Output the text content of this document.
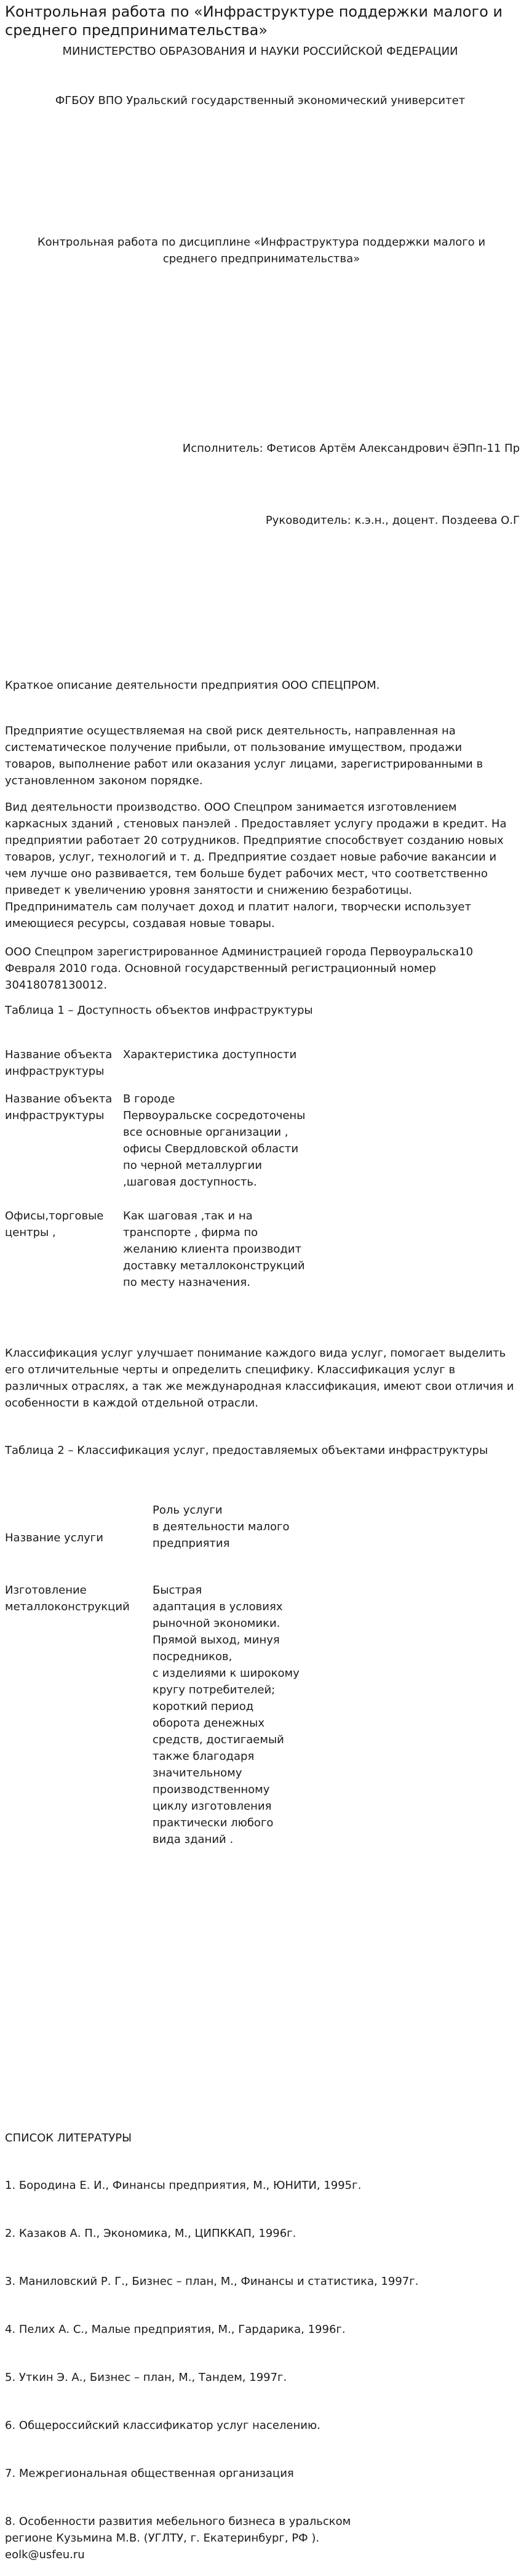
Контрольная работа по «Инфраструктуре поддержки малого и среднего предпринимательства»

МИНИСТЕРСТВО ОБРАЗОВАНИЯ И НАУКИ РОССИЙСКОЙ ФЕДЕРАЦИИ

ФГБОУ ВПО Уральский государственный экономический университет

Контрольная работа по дисциплине «Инфраструктура поддержки малого и среднего предпринимательства»

Исполнитель: Фетисов Артём Александрович ёЭПп-11 Пр

Руководитель: к.э.н., доцент. Поздеева О.Г

Краткое описание деятельности предприятия ООО СПЕЦПРОМ.

Предприятие осуществляемая на свой риск деятельность, направленная на систематическое получение прибыли, от пользование имуществом, продажи товаров, выполнение работ или оказания услуг лицами, зарегистрированными в установленном законом порядке.

Вид деятельности производство. ООО Спецпром занимается изготовлением каркасных зданий , стеновых панэлей . Предоставляет услугу продажи в кредит. На предприятии работает 20 сотрудников. Предприятие способствует созданию новых товаров, услуг, технологий и т. д. Предприятие создает новые рабочие вакансии и чем лучше оно развивается, тем больше будет рабочих мест, что соответственно приведет к увеличению уровня занятости и снижению безработицы. Предприниматель сам получает доход и платит налоги, творчески использует имеющиеся ресурсы, создавая новые товары.

ООО Спецпром зарегистрированное Администрацией города Первоуральска10 Февраля 2010 года. Основной государственный регистрационный номер 30418078130012.

Таблица 1 – Доступность объектов инфраструктуры

Название объекта инфраструктуры

Характеристика доступности

Название объекта инфраструктуры

В городе
Первоуральске сосредоточены
все основные организации ,
офисы Свердловской области
по черной металлургии
,шаговая доступность.

Офисы,торговые центры ,

Как шаговая ,так и на
транспорте , фирма по
желанию клиента производит
доставку металлоконструкций
по месту назначения.

Классификация услуг улучшает понимание каждого вида услуг, помогает выделить его отличительные черты и определить специфику. Классификация услуг в различных отраслях, а так же международная классификация, имеют свои отличия и особенности в каждой отдельной отрасли.

Таблица 2 – Классификация услуг, предоставляемых объектами инфраструктуры

Название услуги

Роль услуги
в деятельности малого
предприятия

Изготовление металлоконструкций

Быстрая
адаптация в условиях
рыночной экономики.
Прямой выход, минуя
посредников,
с изделиями к широкому
кругу потребителей;
короткий период
оборота денежных
средств, достигаемый
также благодаря
значительному
производственному
циклу изготовления
практически любого
вида зданий .

СПИСОК ЛИТЕРАТУРЫ

1. Бородина Е. И., Финансы предприятия, М., ЮНИТИ, 1995г.

2. Казаков А. П., Экономика, М., ЦИПККАП, 1996г.

3. Маниловский Р. Г., Бизнес – план, М., Финансы и статистика, 1997г.

4. Пелих А. С., Малые предприятия, М., Гардарика, 1996г.

5. Уткин Э. А., Бизнес – план, М., Тандем, 1997г.

6. Общероссийский классификатор услуг населению.

7. Межрегиональная общественная организация

8. Особенности развития мебельного бизнеса в уральском регионе Кузьмина М.В. (УГЛТУ, г. Екатеринбург, РФ ). eolk@usfeu.ru
